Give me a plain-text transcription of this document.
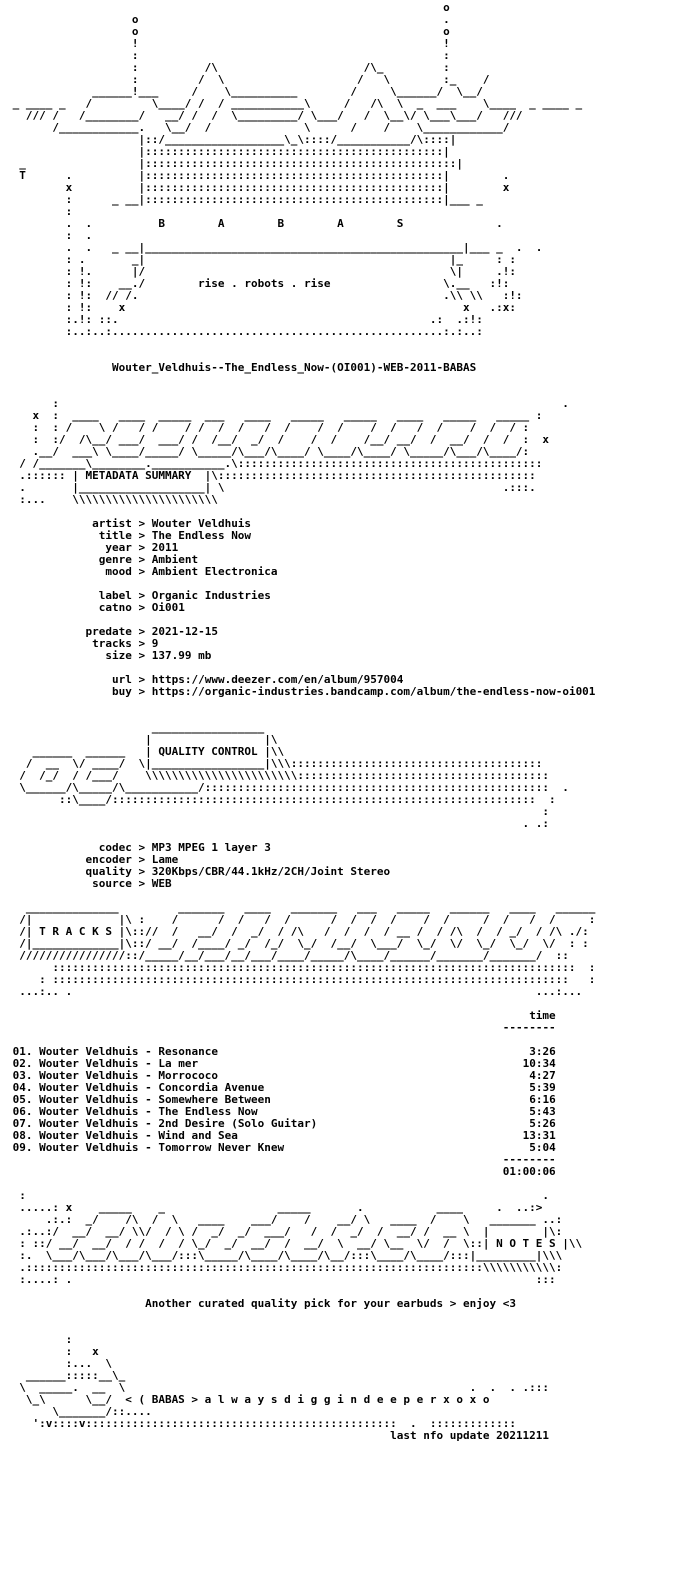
o
o                                              .
o                                              o
!                                              !
:                                              :
:          /\                      /\_         :
:         /  \                    /   \        :_    /
______!___     /    \__________        /     \______/  \__/
_ ____ _   /         \____/ /  / ___________\     /   /\  \  _  ___    \____  _ ____ _
/// /   /________/   __/ /  /  \_________/ \___/   /  \__\/ \___\___/   ///
/____________.   \__/  /              \      /    /    \____________/
|::/__________________\_\::::/___________/\::::|
|:::::::::::::::::::::::::::::::::::::::::::::|
_                 |:::::::::::::::::::::::::::::::::::::::::::::::|
T      .          |:::::::::::::::::::::::::::::::::::::::::::::|        .
x          |:::::::::::::::::::::::::::::::::::::::::::::|        x
:      _ __|:::::::::::::::::::::::::::::::::::::::::::::|___ _
:
.  .          B        A        B        A        S              .
:  .
.  .   _ __|________________________________________________|___ _  .  .
: .       _|                                              |_     : :
: !.      |/                                              \|     .!:
: !:    __./        rise . robots . rise                 \.__   :!:
: !:  // /.                                              .\\ \\   :!:
: !:    x                                                   x   .:x:
:.!: ::.                                               .:  .:!:
:..:..:..................................................:.:..:

Wouter_Veldhuis--The_Endless_Now-(OI001)-WEB-2011-BABAS

:                                                                            .
x  :  ____   ____  _____  ___   ____   _____   _____   ____   _____   _____ :
:  : /    \ /   / /    / /  /  /   /  /    /  /    /  /   /  /    /  /  / :
:  :/  /\__/ ___/  ___/ /  /__/  _/  /    /  /    /__/ __/  /  __/  /  /  :  x
.__/  ___\ \____/_____/ \_____/\___/\____/ \____/\____/ \_____/\___/\____/:
/ /_______\________.___________.\::::::::::::::::::::::::::::::::::::::::::::::
.:::::: | METADATA SUMMARY  |\::::::::::::::::::::::::::::::::::::::::::::::::
.       |___________________| \                                          .:::.
:...    \\\\\\\\\\\\\\\\\\\\\\

artist > Wouter Veldhuis
title > The Endless Now
year > 2011
genre > Ambient
mood > Ambient Electronica

label > Organic Industries
catno > Oi001

predate > 2021-12-15
tracks > 9
size > 137.99 mb

url > https://www.deezer.com/en/album/957004
buy > https://organic-industries.bandcamp.com/album/the-endless-now-oi001

_________________
|                 |\
______  ______   | QUALITY CONTROL |\\
/  __  \/ ____/  \|_________________|\\\::::::::::::::::::::::::::::::::::::::
/  /_/  / /___/    \\\\\\\\\\\\\\\\\\\\\\\::::::::::::::::::::::::::::::::::::::
\______/\_____/\___________/::::::::::::::::::::::::::::::::::::::::::::::::::::  .
::\____/::::::::::::::::::::::::::::::::::::::::::::::::::::::::::::::::  :
:
. .:

codec > MP3 MPEG 1 layer 3
encoder > Lame
quality > 320Kbps/CBR/44.1kHz/2CH/Joint Stereo
source > WEB

______________         _______   ____   _______   ___   _____   ______   ____   ______
/|             |\ :    /      /  /   /  /      /  /  /  /    /  /     /  /   /  /     :
/| T R A C K S |\:://  /   __/  /  _/  / /\   /  /  /  / __ /  / /\  /  / _/  / /\ ./:
/|_____________|\::/ __/  /____/ _/  /_/  \_/  /__/  \___/  \_/  \/  \_/  \_/  \/  : :
////////////////::/_____/__/___/__/___/____/_____/\____/______/_______/_______/  ::
:::::::::::::::::::::::::::::::::::::::::::::::::::::::::::::::::::::::::::::::  :
: ::::::::::::::::::::::::::::::::::::::::::::::::::::::::::::::::::::::::::::::   :
...:.. .                                                                      ...:...

time
--------

01. Wouter Veldhuis - Resonance	3:26
02. Wouter Veldhuis - La mer	10:34
03. Wouter Veldhuis - Morrococo	4:27
04. Wouter Veldhuis - Concordia Avenue	5:39
05. Wouter Veldhuis - Somewhere Between	6:16
06. Wouter Veldhuis - The Endless Now	5:43
07. Wouter Veldhuis - 2nd Desire (Solo Guitar)	5:26
08. Wouter Veldhuis - Wind and Sea	13:31
09. Wouter Veldhuis - Tomorrow Never Knew	5:04
--------
01:00:06

:                                                                              .
.....: x    _____    _                 _____       .           ____     .  ..:>
.:.:  _/    /\  /  \   ____    ___/    /    __/ \   ____  /    \   _______ ..:
.:..:/  __/  __/ \\/  / \ /  _/  _/  ___/   /  /  _/  /  __/ /  __ \  |        |\:
: ::/ __/  __/  / /  /  / \_/  _/  __/  /  __/  \  __/ \__  \/  /  \::| N O T E S |\\
:.  \___/\___/\___/\___/:::\_____/\____/\____/\__/:::\____/\____/:::|_________|\\\
.:::::::::::::::::::::::::::::::::::::::::::::::::::::::::::::::::::::\\\\\\\\\\\:
:....: .                                                                      :::

Another curated quality pick for your earbuds > enjoy <3

:
:   x
:...  \
______:::::__\_
\  _____.  __  \                                                    .  .  . .:::
\_\      \__/  < ( BABAS > a l w a y s d i g g i n d e e p e r x o x o
\_______/::....
':v::::v:::::::::::::::::::::::::::::::::::::::::::::::  .  :::::::::::::
last nfo update 20211211
